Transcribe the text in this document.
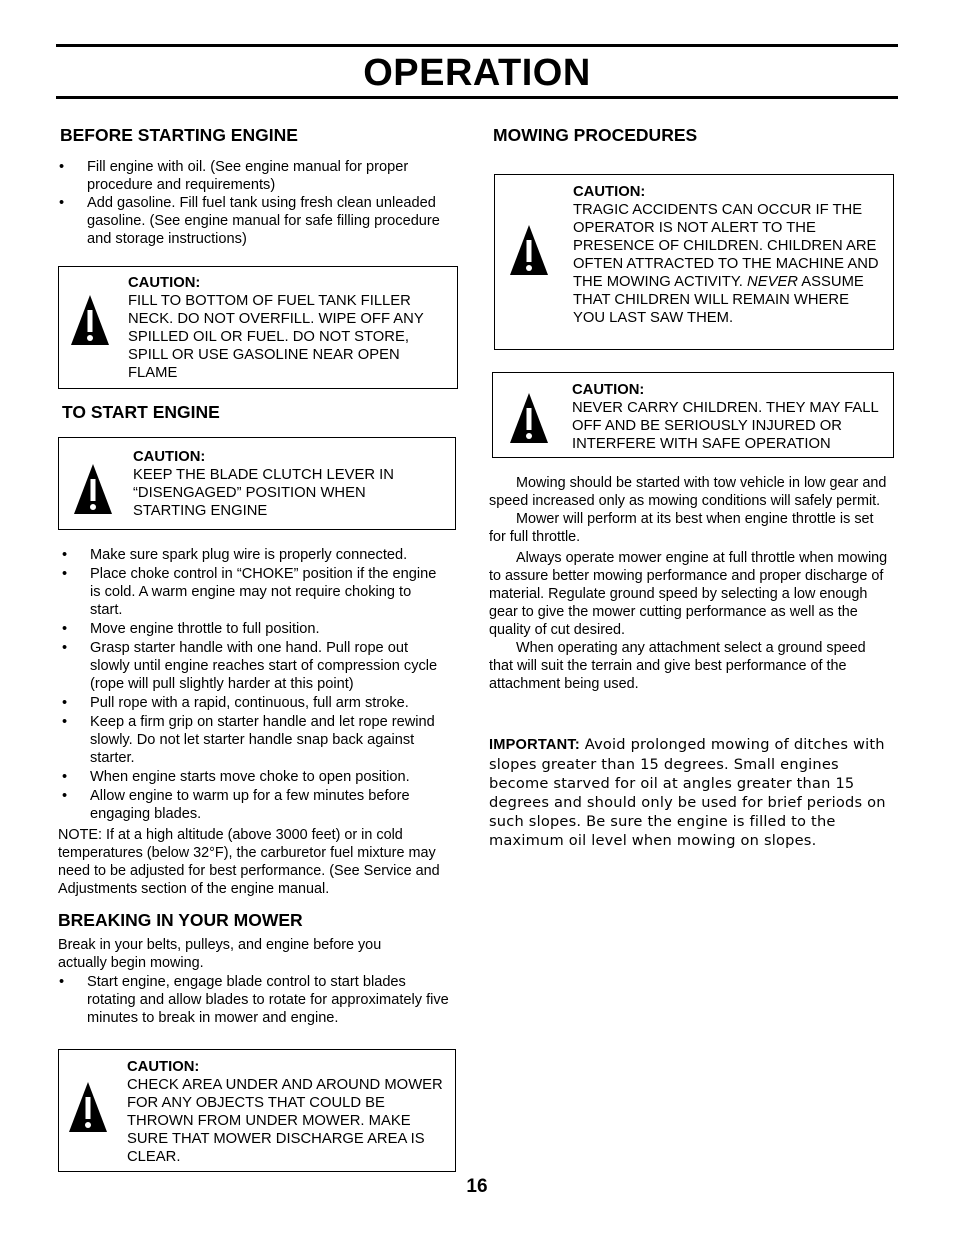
OPERATION
BEFORE STARTING ENGINE
• Fill engine with oil. (See engine manual for proper procedure and requirements)
• Add gasoline. Fill fuel tank using fresh clean unleaded gasoline. (See engine manual for safe filling procedure and storage instructions)
CAUTION:
FILL TO BOTTOM OF FUEL TANK FILLER NECK. DO NOT OVERFILL. WIPE OFF ANY SPILLED OIL OR FUEL. DO NOT STORE, SPILL OR USE GASOLINE NEAR OPEN FLAME
TO START ENGINE
CAUTION:
KEEP THE BLADE CLUTCH LEVER IN “DISENGAGED” POSITION WHEN STARTING ENGINE
• Make sure spark plug wire is properly connected.
• Place choke control in “CHOKE” position if the engine is cold. A warm engine may not require choking to start.
• Move engine throttle to full position.
• Grasp starter handle with one hand. Pull rope out slowly until engine reaches start of compression cycle (rope will pull slightly harder at this point)
• Pull rope with a rapid, continuous, full arm stroke.
• Keep a firm grip on starter handle and let rope rewind slowly. Do not let starter handle snap back against starter.
• When engine starts move choke to open position.
• Allow engine to warm up for a few minutes before engaging blades.

NOTE: If at a high altitude (above 3000 feet) or in cold temperatures (below 32°F), the carburetor fuel mixture may need to be adjusted for best performance. (See Service and Adjustments section of the engine manual.

BREAKING IN YOUR MOWER

Break in your belts, pulleys, and engine before you actually begin mowing.

• Start engine, engage blade control to start blades rotating and allow blades to rotate for approximately five minutes to break in mower and engine.
CAUTION:
CHECK AREA UNDER AND AROUND MOWER FOR ANY OBJECTS THAT COULD BE THROWN FROM UNDER MOWER. MAKE SURE THAT MOWER DISCHARGE AREA IS CLEAR.
MOWING PROCEDURES
CAUTION:
TRAGIC ACCIDENTS CAN OCCUR IF THE OPERATOR IS NOT ALERT TO THE PRESENCE OF CHILDREN. CHILDREN ARE OFTEN ATTRACTED TO THE MACHINE AND THE MOWING ACTIVITY. NEVER ASSUME THAT CHILDREN WILL REMAIN WHERE YOU LAST SAW THEM.
CAUTION:
NEVER CARRY CHILDREN. THEY MAY FALL OFF AND BE SERIOUSLY INJURED OR INTERFERE WITH SAFE OPERATION

Mowing should be started with tow vehicle in low gear and speed increased only as mowing conditions will safely permit.

Mower will perform at its best when engine throttle is set for full throttle.

Always operate mower engine at full throttle when mowing to assure better mowing performance and proper discharge of material. Regulate ground speed by selecting a low enough gear to give the mower cutting performance as well as the quality of cut desired.

When operating any attachment select a ground speed that will suit the terrain and give best performance of the attachment being used.

IMPORTANT: Avoid prolonged mowing of ditches with slopes greater than 15 degrees. Small engines become starved for oil at angles greater than 15 degrees and should only be used for brief periods on such slopes. Be sure the engine is filled to the maximum oil level when mowing on slopes.

16
